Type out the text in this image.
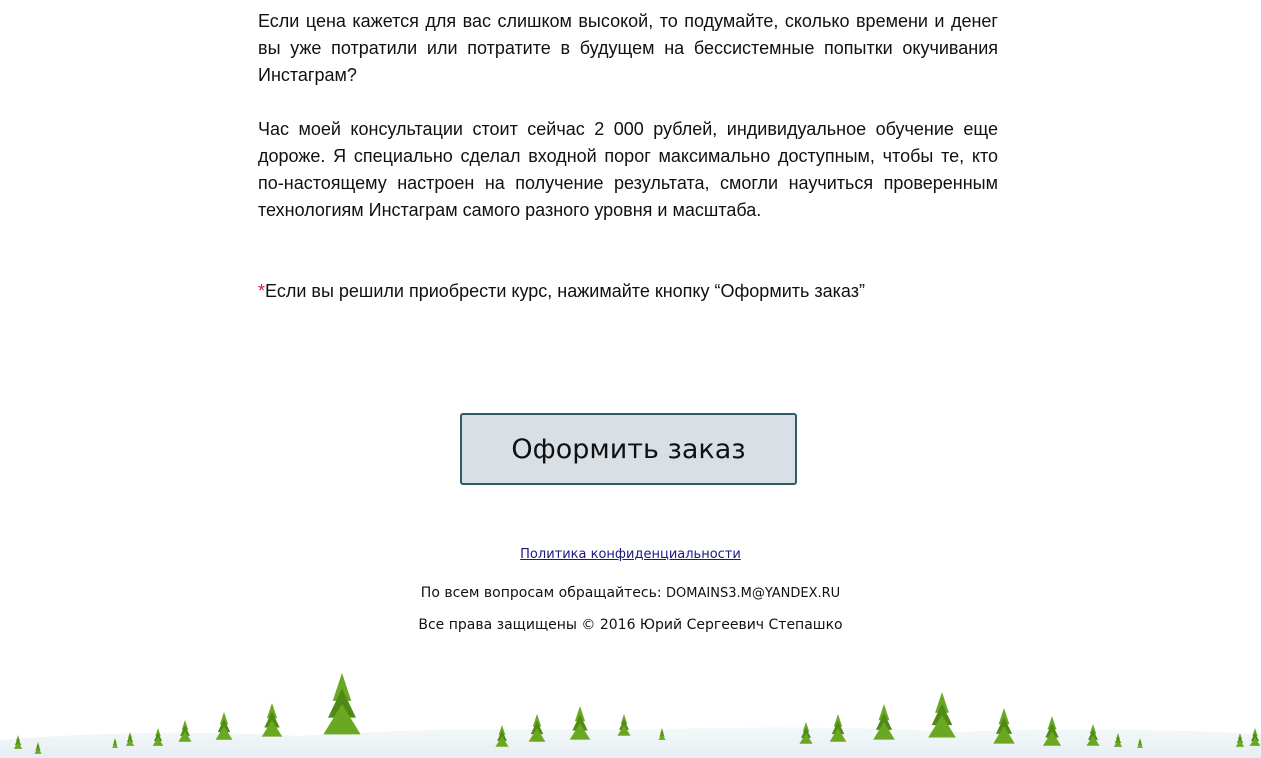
Если цена кажется для вас слишком высокой, то подумайте, сколько времени и денег вы уже потратили или потратите в будущем на бессистемные попытки окучивания Инстаграм?

Час моей консультации стоит сейчас 2 000 рублей, индивидуальное обучение еще дороже. Я специально сделал входной порог максимально доступным, чтобы те, кто по-настоящему настроен на получение результата, смогли научиться проверенным технологиям Инстаграм самого разного уровня и масштаба.

*Если вы решили приобрести курс, нажимайте кнопку “Оформить заказ”
Оформить заказ
Политика конфиденциальности
По всем вопросам обращайтесь: DOMAINS3.M@YANDEX.RU
Все права защищены © 2016 Юрий Сергеевич Степашко
